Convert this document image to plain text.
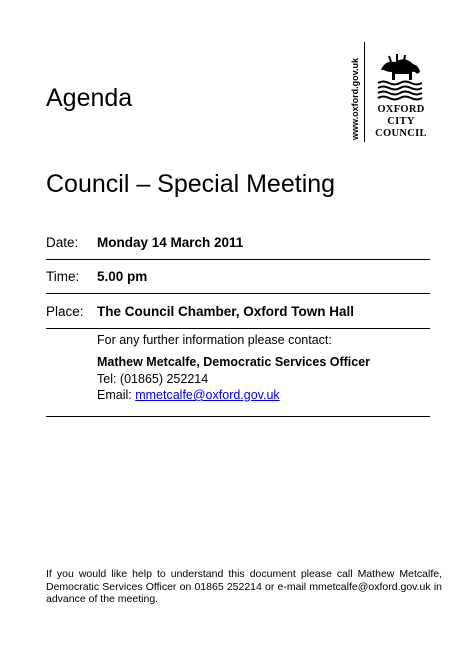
www.oxford.gov.uk	OXFORD
CITY
COUNCIL
Agenda
Council – Special Meeting
Date: Monday 14 March 2011
Time: 5.00 pm
Place: The Council Chamber, Oxford Town Hall
For any further information please contact:
Mathew Metcalfe, Democratic Services Officer
Tel: (01865) 252214
Email: mmetcalfe@oxford.gov.uk
If you would like help to understand this document please call Mathew Metcalfe, Democratic Services Officer on 01865 252214 or e-mail mmetcalfe@oxford.gov.uk in advance of the meeting.
